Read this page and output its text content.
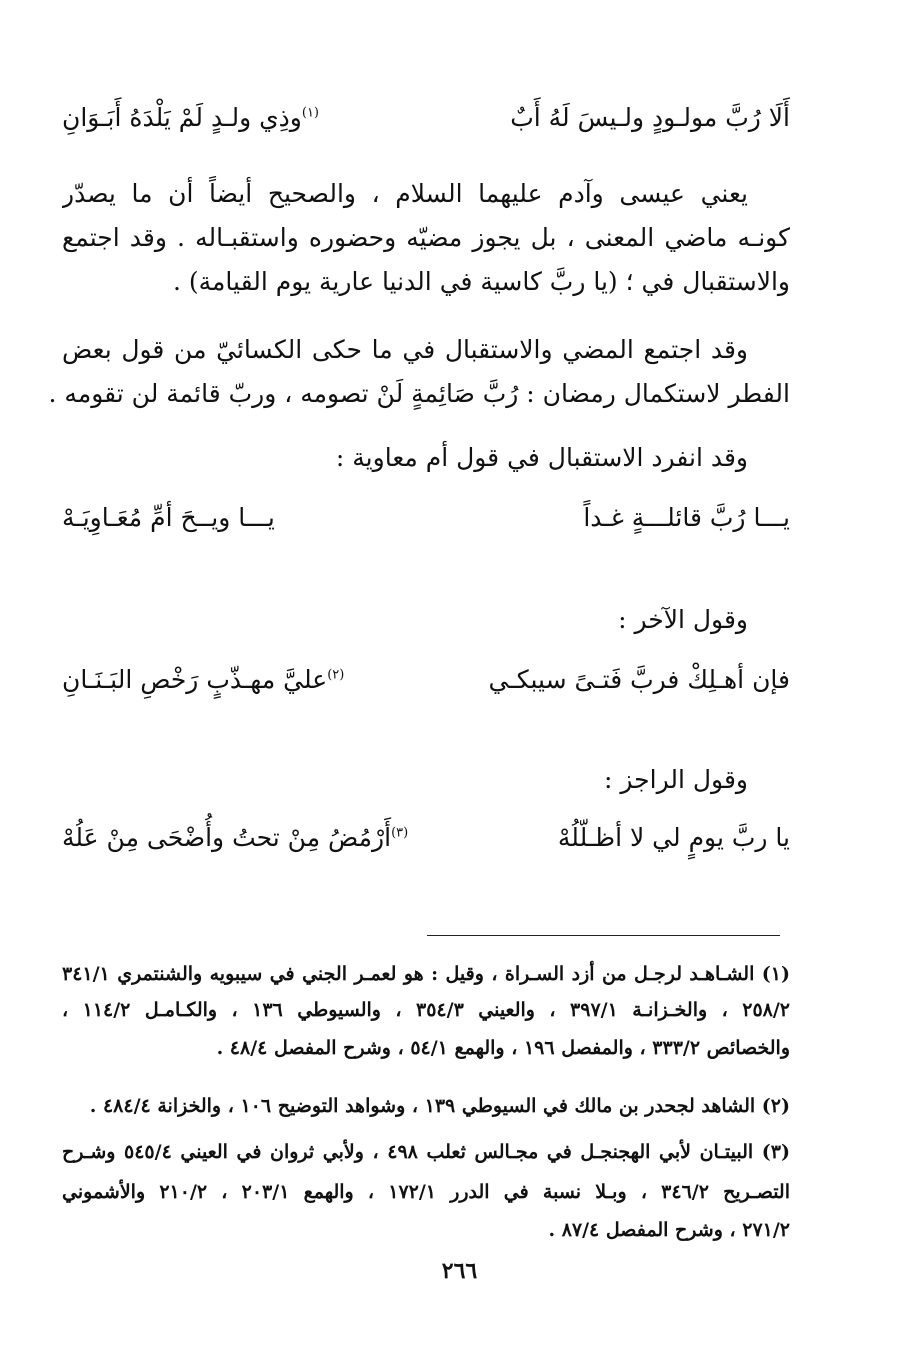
أَلَا رُبَّ مولـودٍ ولـيسَ لَهُ أَبٌ
$^{(١)}$وذِي ولـدٍ لَمْ يَلْدَهُ أَبَـوَانِ
يعني عيسى وآدم عليهما السلام ، والصحيح أيضاً أن ما يصدّر
كونـه ماضي المعنى ، بل يجوز مضيّه وحضوره واستقبـاله . وقد اجتمع
والاستقبال في ؛ (يا ربَّ كاسية في الدنيا عارية يوم القيامة) .
وقد اجتمع المضي والاستقبال في ما حكى الكسائيّ من قول بعض
الفطر لاستكمال رمضان : رُبَّ صَائِمةٍ لَنْ تصومه ، وربّ قائمة لن تقومه .
وقد انفرد الاستقبال في قول أم معاوية :
يـــا رُبَّ قائلـــةٍ غـداً
يـــا ويــحَ أمِّ مُعَـاوِيَـهْ
وقول الآخر :
فإن أهـلِكْ فربَّ فَتـىً سيبكـي
$^{(٢)}$عليَّ مهـذّبٍ رَخْصِ البَـنَـانِ
وقول الراجز :
يا ربَّ يومٍ لي لا أظـلّلُهْ
$^{(٣)}$أَرْمُضُ مِنْ تحتُ وأُضْحَى مِنْ عَلُهْ
(١) الشـاهـد لرجـل من أزد السـراة ، وقيل : هو لعمـر الجني في سيبويه والشنتمري ٣٤١/١
٢٥٨/٢ ، والخـزانـة ٣٩٧/١ ، والعيني ٣٥٤/٣ ، والسيوطي ١٣٦ ، والكـامـل ١١٤/٢ ،
والخصائص ٣٣٣/٢ ، والمفصل ١٩٦ ، والهمع ٥٤/١ ، وشرح المفصل ٤٨/٤ .
(٢) الشاهد لجحدر بن مالك في السيوطي ١٣٩ ، وشواهد التوضيح ١٠٦ ، والخزانة ٤٨٤/٤ .
(٣) البيتـان لأبي الهجنجـل في مجـالس ثعلب ٤٩٨ ، ولأبي ثروان في العيني ٥٤٥/٤ وشـرح
التصـريح ٣٤٦/٢ ، وبـلا نسبة في الدرر ١٧٢/١ ، والهمع ٢٠٣/١ ، ٢١٠/٢ والأشموني
٢٧١/٢ ، وشرح المفصل ٨٧/٤ .
٢٦٦
